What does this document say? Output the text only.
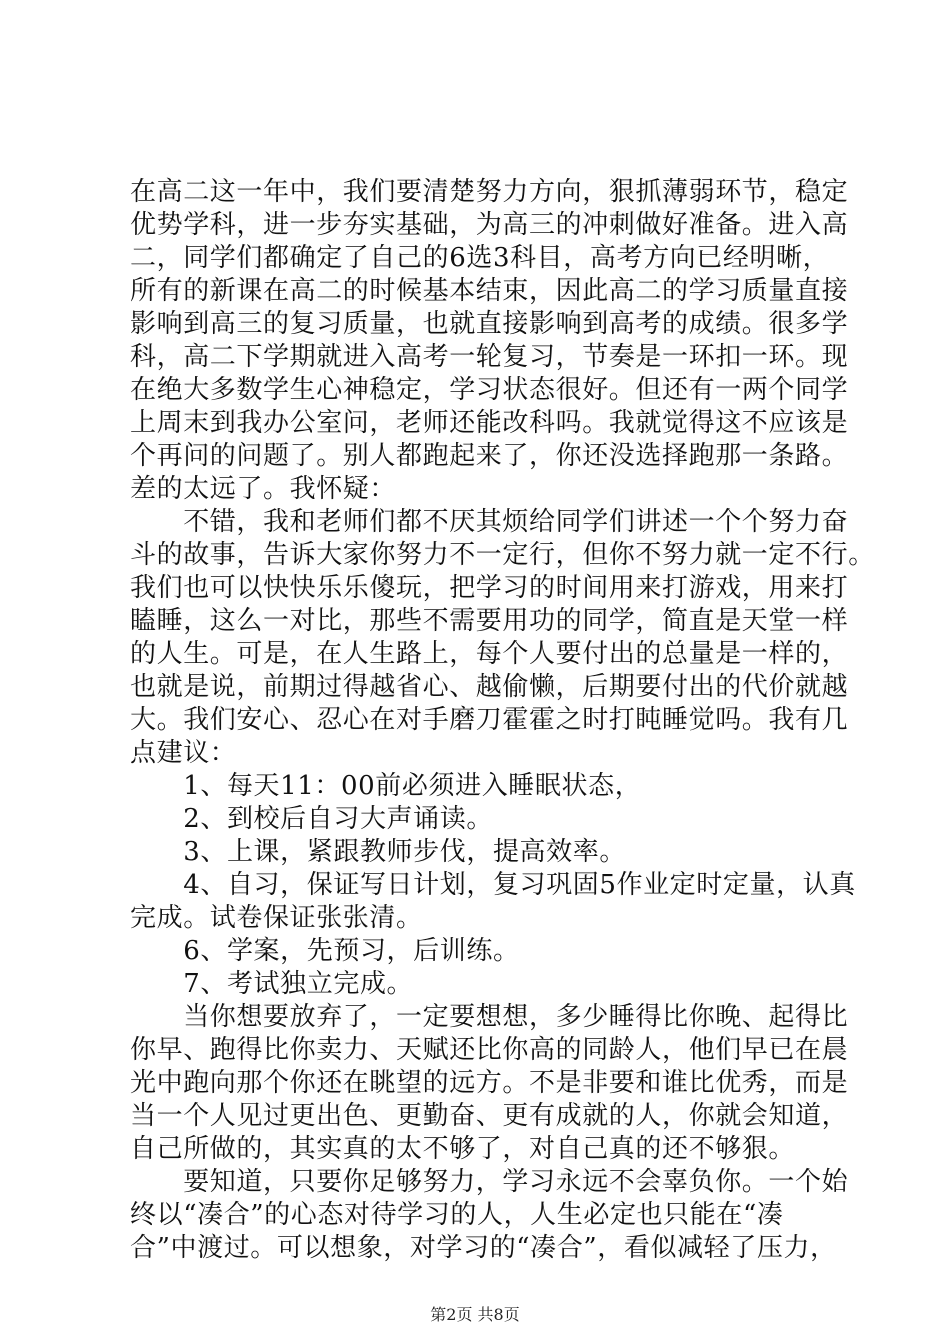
在高二这一年中，我们要清楚努力方向，狠抓薄弱环节，稳定
优势学科，进一步夯实基础，为高三的冲刺做好准备。进入高
二，同学们都确定了自己的6选3科目，高考方向已经明晰，
所有的新课在高二的时候基本结束，因此高二的学习质量直接
影响到高三的复习质量，也就直接影响到高考的成绩。很多学
科，高二下学期就进入高考一轮复习，节奏是一环扣一环。现
在绝大多数学生心神稳定，学习状态很好。但还有一两个同学
上周末到我办公室问，老师还能改科吗。我就觉得这不应该是
个再问的问题了。别人都跑起来了，你还没选择跑那一条路。
差的太远了。我怀疑：
　　不错，我和老师们都不厌其烦给同学们讲述一个个努力奋
斗的故事，告诉大家你努力不一定行，但你不努力就一定不行。
我们也可以快快乐乐傻玩，把学习的时间用来打游戏，用来打
瞌睡，这么一对比，那些不需要用功的同学，简直是天堂一样
的人生。可是，在人生路上，每个人要付出的总量是一样的，
也就是说，前期过得越省心、越偷懒，后期要付出的代价就越
大。我们安心、忍心在对手磨刀霍霍之时打盹睡觉吗。我有几
点建议：
　　1、每天11：00前必须进入睡眠状态，
　　2、到校后自习大声诵读。
　　3、上课，紧跟教师步伐，提高效率。
　　4、自习，保证写日计划，复习巩固5作业定时定量，认真
完成。试卷保证张张清。
　　6、学案，先预习，后训练。
　　7、考试独立完成。
　　当你想要放弃了，一定要想想，多少睡得比你晚、起得比
你早、跑得比你卖力、天赋还比你高的同龄人，他们早已在晨
光中跑向那个你还在眺望的远方。不是非要和谁比优秀，而是
当一个人见过更出色、更勤奋、更有成就的人，你就会知道，
自己所做的，其实真的太不够了，对自己真的还不够狠。
　　要知道，只要你足够努力，学习永远不会辜负你。一个始
终以“凑合”的心态对待学习的人，人生必定也只能在“凑
合”中渡过。可以想象，对学习的“凑合”，看似减轻了压力，
第2页 共8页
